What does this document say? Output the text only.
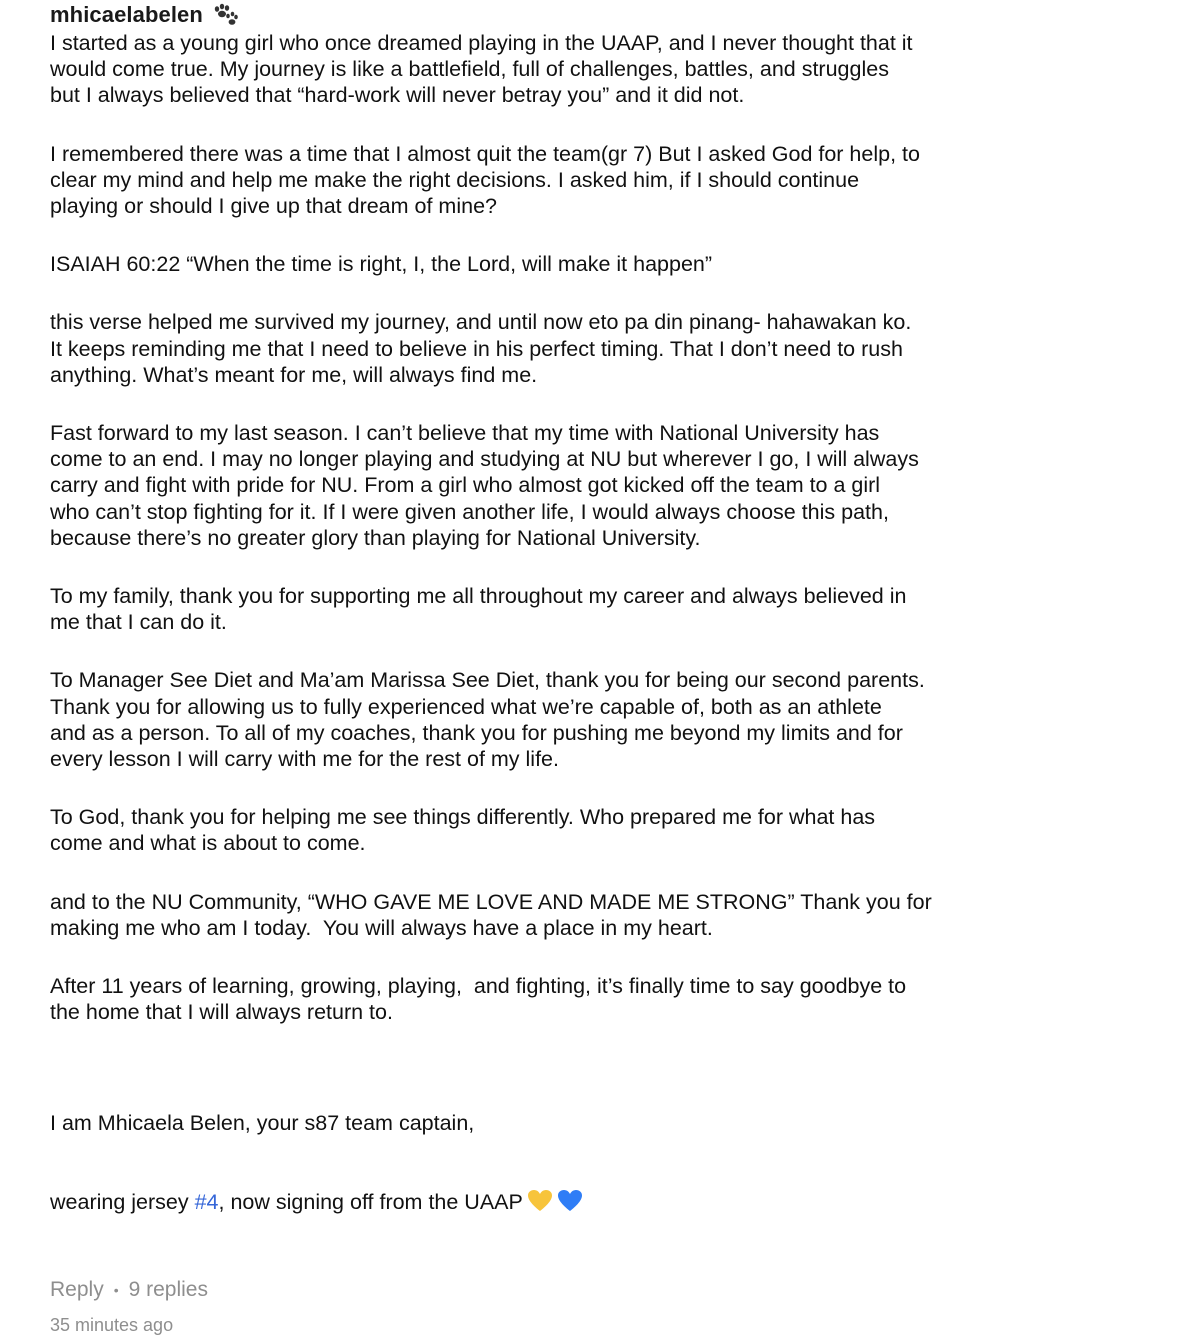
mhicaelabelen

I started as a young girl who once dreamed playing in the UAAP, and I never thought that it
would come true. My journey is like a battlefield, full of challenges, battles, and struggles
but I always believed that “hard-work will never betray you” and it did not.

I remembered there was a time that I almost quit the team(gr 7) But I asked God for help, to
clear my mind and help me make the right decisions. I asked him, if I should continue
playing or should I give up that dream of mine?

ISAIAH 60:22 “When the time is right, I, the Lord, will make it happen”

this verse helped me survived my journey, and until now eto pa din pinang- hahawakan ko.
It keeps reminding me that I need to believe in his perfect timing. That I don’t need to rush
anything. What’s meant for me, will always find me.

Fast forward to my last season. I can’t believe that my time with National University has
come to an end. I may no longer playing and studying at NU but wherever I go, I will always
carry and fight with pride for NU. From a girl who almost got kicked off the team to a girl
who can’t stop fighting for it. If I were given another life, I would always choose this path,
because there’s no greater glory than playing for National University.

To my family, thank you for supporting me all throughout my career and always believed in
me that I can do it.

To Manager See Diet and Ma’am Marissa See Diet, thank you for being our second parents.
Thank you for allowing us to fully experienced what we’re capable of, both as an athlete
and as a person. To all of my coaches, thank you for pushing me beyond my limits and for
every lesson I will carry with me for the rest of my life.

To God, thank you for helping me see things differently. Who prepared me for what has
come and what is about to come.

and to the NU Community, “WHO GAVE ME LOVE AND MADE ME STRONG” Thank you for
making me who am I today.  You will always have a place in my heart.

After 11 years of learning, growing, playing,  and fighting, it’s finally time to say goodbye to
the home that I will always return to.

I am Mhicaela Belen, your s87 team captain,

wearing jersey #4, now signing off from the UAAP

Reply • 9 replies
35 minutes ago
